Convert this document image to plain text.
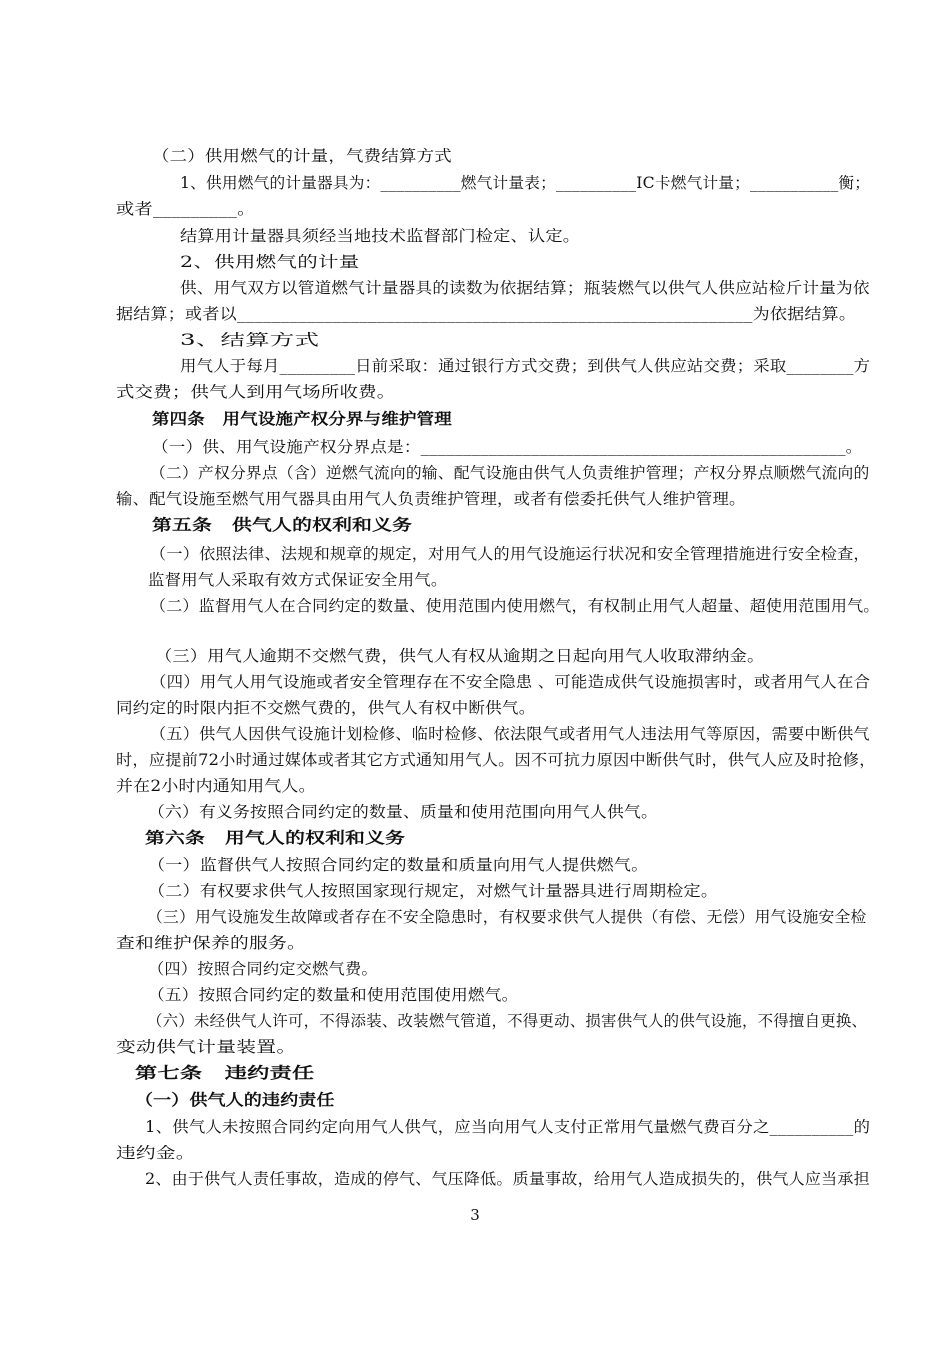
（二）供用燃气的计量，气费结算方式
1、供用燃气的计量器具为：__________燃气计量表；__________IC卡燃气计量；___________衡；
或者_________。
结算用计量器具须经当地技术监督部门检定、认定。
2、供用燃气的计量
供、用气双方以管道燃气计量器具的读数为依据结算；瓶装燃气以供气人供应站检斤计量为依
据结算；或者以___________________________________________________________为依据结算。
3、结算方式
用气人于每月_________日前采取：通过银行方式交费；到供气人供应站交费；采取________方
式交费；供气人到用气场所收费。
第四条　用气设施产权分界与维护管理
（一）供、用气设施产权分界点是：__________________________________________________。
（二）产权分界点（含）逆燃气流向的输、配气设施由供气人负责维护管理；产权分界点顺燃气流向的
输、配气设施至燃气用气器具由用气人负责维护管理，或者有偿委托供气人维护管理。
第五条　供气人的权利和义务
（一）依照法律、法规和规章的规定，对用气人的用气设施运行状况和安全管理措施进行安全检查，
监督用气人采取有效方式保证安全用气。
（二）监督用气人在合同约定的数量、使用范围内使用燃气，有权制止用气人超量、超使用范围用气。
（三）用气人逾期不交燃气费，供气人有权从逾期之日起向用气人收取滞纳金。
（四）用气人用气设施或者安全管理存在不安全隐患 、可能造成供气设施损害时，或者用气人在合
同约定的时限内拒不交燃气费的，供气人有权中断供气。
（五）供气人因供气设施计划检修、临时检修、依法限气或者用气人违法用气等原因，需要中断供气
时，应提前72小时通过媒体或者其它方式通知用气人。因不可抗力原因中断供气时，供气人应及时抢修，
并在2小时内通知用气人。
（六）有义务按照合同约定的数量、质量和使用范围向用气人供气。
第六条　用气人的权利和义务
（一）监督供气人按照合同约定的数量和质量向用气人提供燃气。
（二）有权要求供气人按照国家现行规定，对燃气计量器具进行周期检定。
（三）用气设施发生故障或者存在不安全隐患时，有权要求供气人提供（有偿、无偿）用气设施安全检
查和维护保养的服务。
（四）按照合同约定交燃气费。
（五）按照合同约定的数量和使用范围使用燃气。
（六）未经供气人许可，不得添装、改装燃气管道，不得更动、损害供气人的供气设施，不得擅自更换、
变动供气计量装置。
第七条　违约责任
（一）供气人的违约责任
1、供气人未按照合同约定向用气人供气，应当向用气人支付正常用气量燃气费百分之__________的
违约金。
2、由于供气人责任事故，造成的停气、气压降低。质量事故，给用气人造成损失的，供气人应当承担
3
